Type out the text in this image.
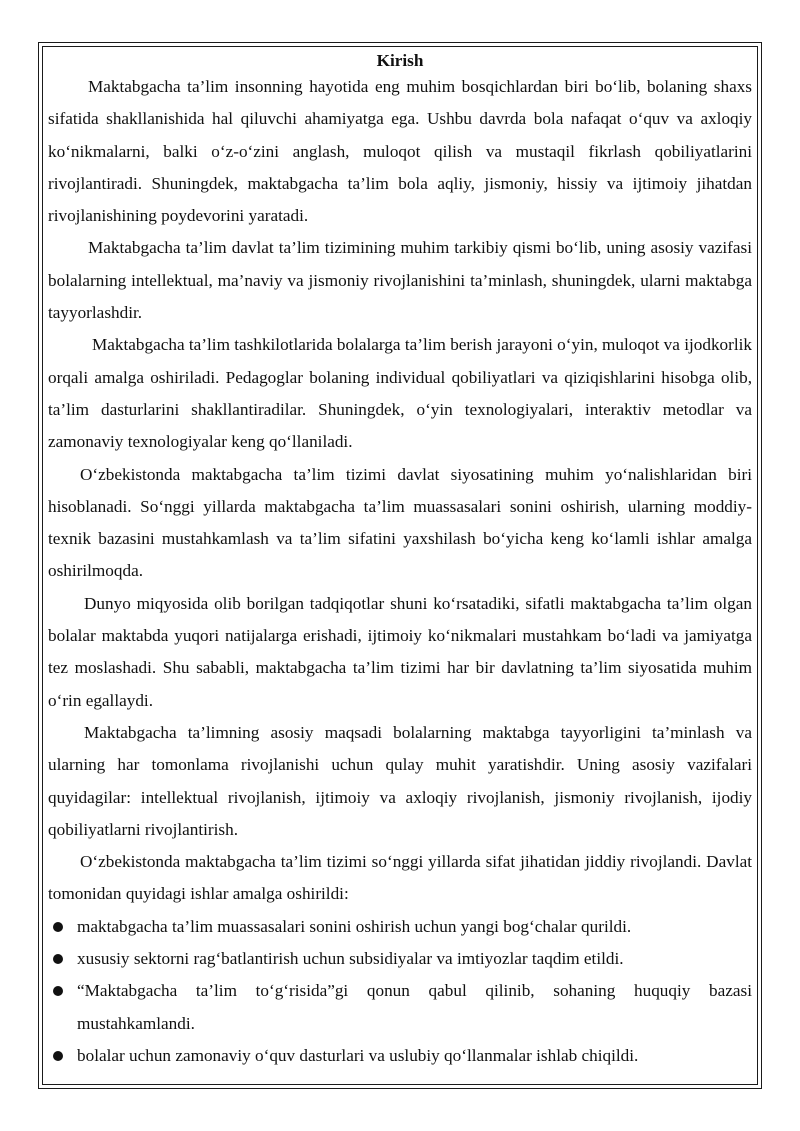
Kirish

Maktabgacha ta’lim insonning hayotida eng muhim bosqichlardan biri bo‘lib, bolaning shaxs sifatida shakllanishida hal qiluvchi ahamiyatga ega. Ushbu davrda bola nafaqat o‘quv va axloqiy ko‘nikmalarni, balki o‘z-o‘zini anglash, muloqot qilish va mustaqil fikrlash qobiliyatlarini rivojlantiradi. Shuningdek, maktabgacha ta’lim bola aqliy, jismoniy, hissiy va ijtimoiy jihatdan rivojlanishining poydevorini yaratadi.

Maktabgacha ta’lim davlat ta’lim tizimining muhim tarkibiy qismi bo‘lib, uning asosiy vazifasi bolalarning intellektual, ma’naviy va jismoniy rivojlanishini ta’minlash, shuningdek, ularni maktabga tayyorlashdir.

Maktabgacha ta’lim tashkilotlarida bolalarga ta’lim berish jarayoni o‘yin, muloqot va ijodkorlik orqali amalga oshiriladi. Pedagoglar bolaning individual qobiliyatlari va qiziqishlarini hisobga olib, ta’lim dasturlarini shakllantiradilar. Shuningdek, o‘yin texnologiyalari, interaktiv metodlar va zamonaviy texnologiyalar keng qo‘llaniladi.

O‘zbekistonda maktabgacha ta’lim tizimi davlat siyosatining muhim yo‘nalishlaridan biri hisoblanadi. So‘nggi yillarda maktabgacha ta’lim muassasalari sonini oshirish, ularning moddiy-texnik bazasini mustahkamlash va ta’lim sifatini yaxshilash bo‘yicha keng ko‘lamli ishlar amalga oshirilmoqda.

Dunyo miqyosida olib borilgan tadqiqotlar shuni ko‘rsatadiki, sifatli maktabgacha ta’lim olgan bolalar maktabda yuqori natijalarga erishadi, ijtimoiy ko‘nikmalari mustahkam bo‘ladi va jamiyatga tez moslashadi. Shu sababli, maktabgacha ta’lim tizimi har bir davlatning ta’lim siyosatida muhim o‘rin egallaydi.

Maktabgacha ta’limning asosiy maqsadi bolalarning maktabga tayyorligini ta’minlash va ularning har tomonlama rivojlanishi uchun qulay muhit yaratishdir. Uning asosiy vazifalari quyidagilar: intellektual rivojlanish, ijtimoiy va axloqiy rivojlanish, jismoniy rivojlanish, ijodiy qobiliyatlarni rivojlantirish.

O‘zbekistonda maktabgacha ta’lim tizimi so‘nggi yillarda sifat jihatidan jiddiy rivojlandi. Davlat tomonidan quyidagi ishlar amalga oshirildi:

maktabgacha ta’lim muassasalari sonini oshirish uchun yangi bog‘chalar qurildi.
xususiy sektorni rag‘batlantirish uchun subsidiyalar va imtiyozlar taqdim etildi.
“Maktabgacha ta’lim to‘g‘risida”gi qonun qabul qilinib, sohaning huquqiy bazasi mustahkamlandi.
bolalar uchun zamonaviy o‘quv dasturlari va uslubiy qo‘llanmalar ishlab chiqildi.
